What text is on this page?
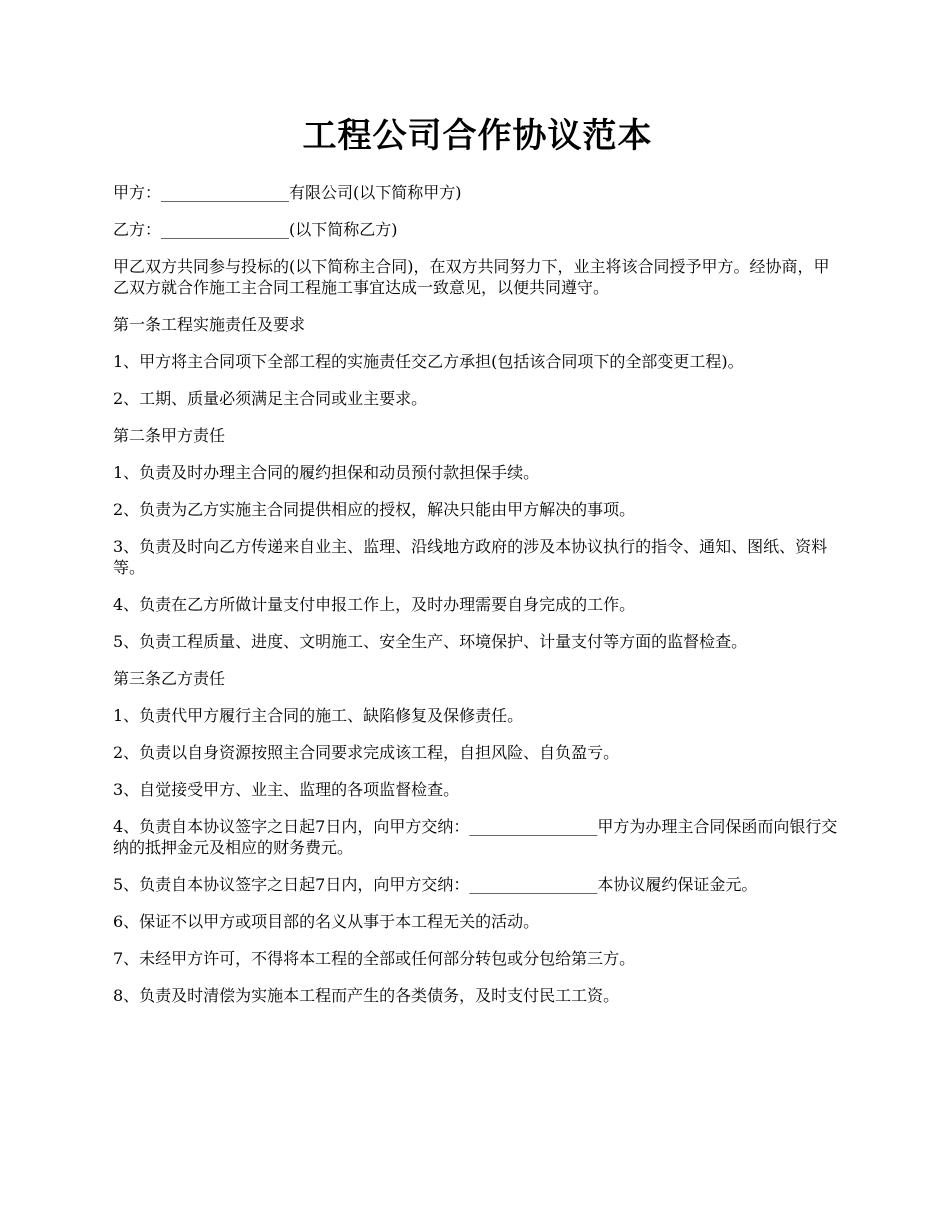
工程公司合作协议范本

甲方：________________有限公司(以下简称甲方)

乙方：________________(以下简称乙方)

甲乙双方共同参与投标的(以下简称主合同)，在双方共同努力下，业主将该合同授予甲方。经协商，甲乙双方就合作施工主合同工程施工事宜达成一致意见，以便共同遵守。

第一条工程实施责任及要求

1、甲方将主合同项下全部工程的实施责任交乙方承担(包括该合同项下的全部变更工程)。

2、工期、质量必须满足主合同或业主要求。

第二条甲方责任

1、负责及时办理主合同的履约担保和动员预付款担保手续。

2、负责为乙方实施主合同提供相应的授权，解决只能由甲方解决的事项。

3、负责及时向乙方传递来自业主、监理、沿线地方政府的涉及本协议执行的指令、通知、图纸、资料等。

4、负责在乙方所做计量支付申报工作上，及时办理需要自身完成的工作。

5、负责工程质量、进度、文明施工、安全生产、环境保护、计量支付等方面的监督检查。

第三条乙方责任

1、负责代甲方履行主合同的施工、缺陷修复及保修责任。

2、负责以自身资源按照主合同要求完成该工程，自担风险、自负盈亏。

3、自觉接受甲方、业主、监理的各项监督检查。

4、负责自本协议签字之日起7日内，向甲方交纳：________________甲方为办理主合同保函而向银行交纳的抵押金元及相应的财务费元。

5、负责自本协议签字之日起7日内，向甲方交纳：________________本协议履约保证金元。

6、保证不以甲方或项目部的名义从事于本工程无关的活动。

7、未经甲方许可，不得将本工程的全部或任何部分转包或分包给第三方。

8、负责及时清偿为实施本工程而产生的各类债务，及时支付民工工资。
